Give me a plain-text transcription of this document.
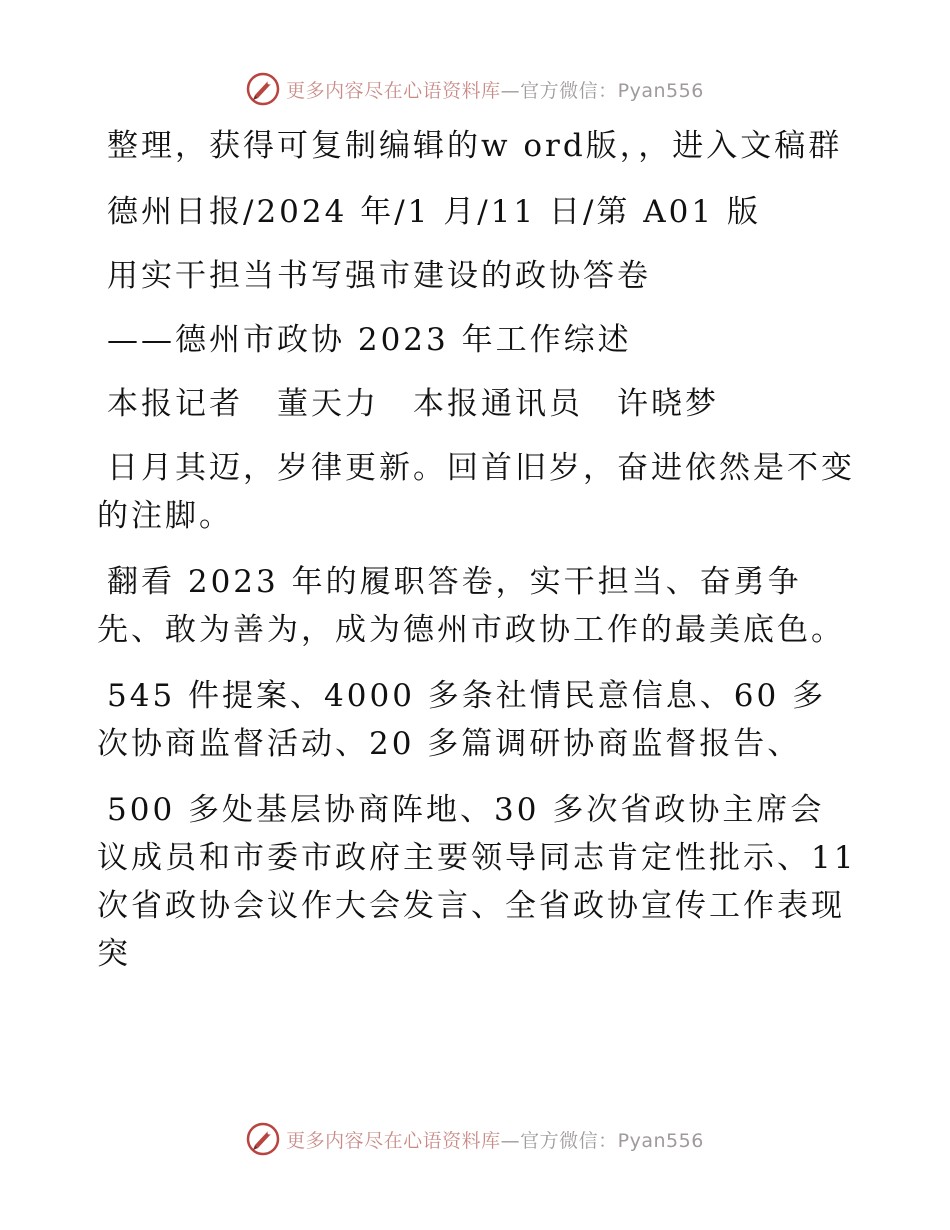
更多内容尽在心语资料库—官方微信：Pyan556

整理，获得可复制编辑的w ord版，，进入文稿群

德州日报/2024 年/1 月/11 日/第 A01 版

用实干担当书写强市建设的政协答卷

——德州市政协 2023 年工作综述

本报记者　董天力　本报通讯员　许晓梦

日月其迈，岁律更新。回首旧岁，奋进依然是不变的注脚。

翻看 2023 年的履职答卷，实干担当、奋勇争先、敢为善为，成为德州市政协工作的最美底色。

545 件提案、4000 多条社情民意信息、60 多次协商监督活动、20 多篇调研协商监督报告、

500 多处基层协商阵地、30 多次省政协主席会议成员和市委市政府主要领导同志肯定性批示、11 次省政协会议作大会发言、全省政协宣传工作表现突

更多内容尽在心语资料库—官方微信：Pyan556
